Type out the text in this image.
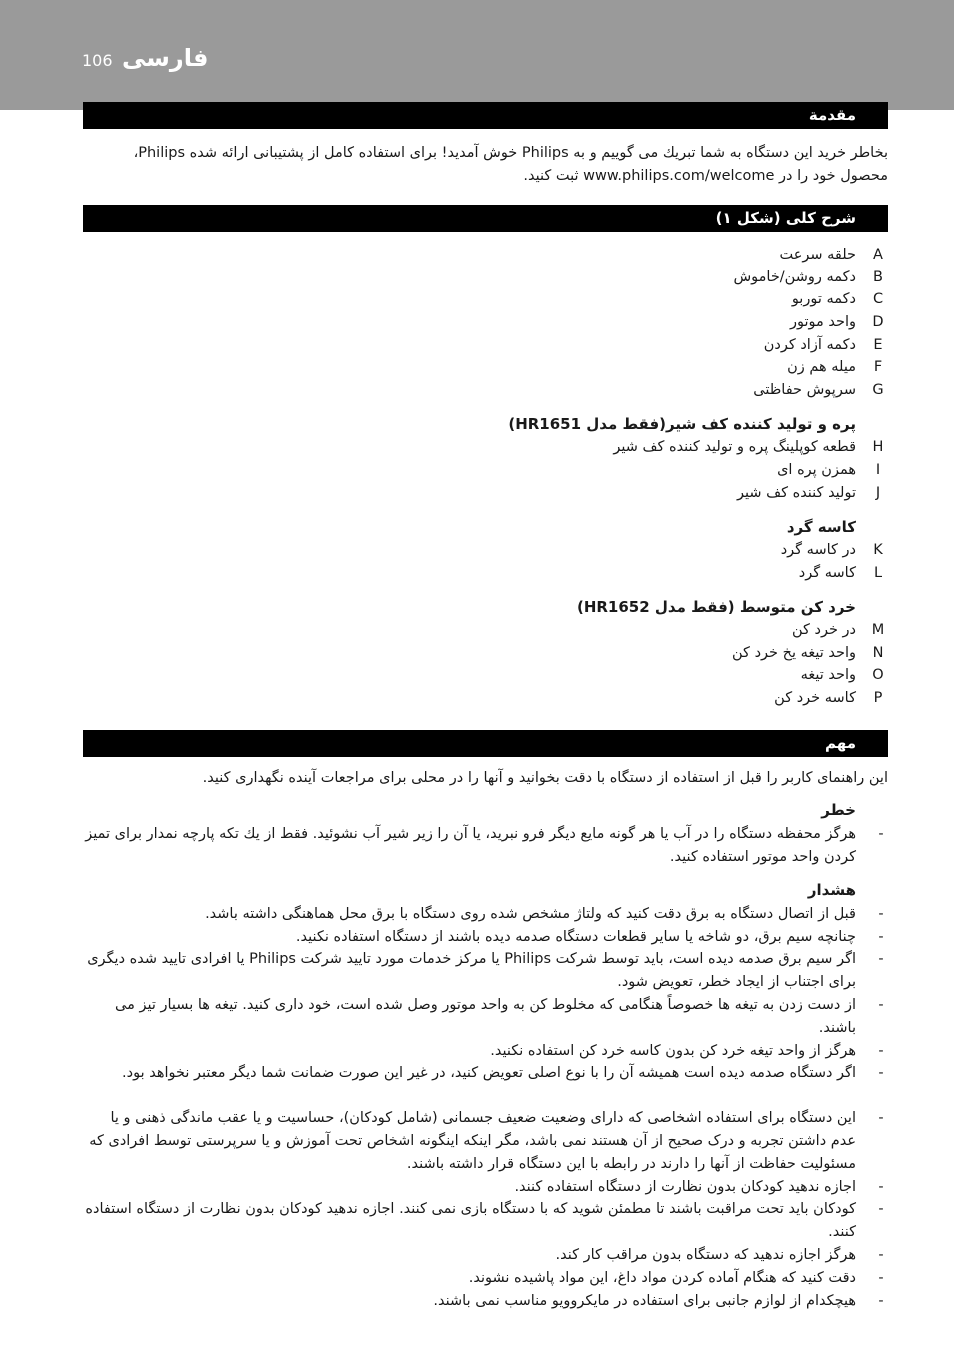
106 فارسی
مقدمة

بخاطر خرید این دستگاه به شما تبریك می گوییم و به Philips خوش آمدید! برای استفاده كامل از پشتیبانی ارائه شده Philips، محصول خود را در www.philips.com/welcome ثبت كنید.

شرح کلی (شکل ۱)
A
حلقه سرعت
B
دکمه روشن/خاموش
C
دکمه توربو
D
واحد موتور
E
دکمه آزاد کردن
F
میله هم زن
G
سرپوش حفاظتی
پره و تولید کننده کف شیر(فقط مدل HR1651)
H
قطعه کوپلینگ پره و تولید کننده کف شیر
I
همزن پره ای
J
تولید کننده کف شیر
کاسه گرد
K
در کاسه گرد
L
کاسه گرد
خرد کن متوسط (فقط مدل HR1652)
M
در خرد کن
N
واحد تیغه یخ خرد کن
O
واحد تیغه
P
کاسه خرد کن
مهم

این راهنمای کاربر را قبل از استفاده از دستگاه با دقت بخوانید و آنها را در محلی برای مراجعات آینده نگهداری کنید.

خطر
-
هرگز محفظه دستگاه را در آب یا هر گونه مایع دیگر فرو نبرید، یا آن را زیر شیر آب نشوئید. فقط از یك تكه پارچه نمدار برای تمیز کردن واحد موتور استفاده كنید.
هشدار
-
قبل از اتصال دستگاه به برق دقت كنید كه ولتاژ مشخص شده روی دستگاه با برق محل هماهنگی داشته باشد.
-
چنانچه سیم برق، دو شاخه یا سایر قطعات دستگاه صدمه دیده باشند از دستگاه استفاده نکنید.
-
اگر سیم برق صدمه دیده است، باید توسط شركت Philips یا مركز خدمات مورد تایید شرکت Philips یا افرادی تایید شده دیگری برای اجتناب از ایجاد خطر، تعویض شود.
-
از دست زدن به تیغه ها خصوصاً هنگامی که مخلوط کن به واحد موتور وصل شده است، خود داری کنید. تیغه ها بسیار تیز می باشند.
-
هرگز از واحد تیغه خرد کن بدون کاسه خرد کن استفاده نکنید.
-
اگر دستگاه صدمه دیده است همیشه آن را با نوع اصلی تعویض کنید، در غیر این صورت ضمانت شما دیگر معتبر نخواهد بود.
-
این دستگاه برای استفاده اشخاصی که دارای وضعیت ضعیف جسمانی (شامل کودکان)، حساسیت و یا عقب ماندگی ذهنی و یا عدم داشتن تجربه و درک صحیح از آن هستند نمی باشد، مگر اینکه اینگونه اشخاص تحت آموزش و یا سرپرستی توسط افرادی که مسئولیت حفاظت از آنها را دارند در رابطه با این دستگاه قرار داشته باشند.
-
اجازه ندهید کودکان بدون نظارت از دستگاه استفاده کنند.
-
کودکان باید تحت مراقبت باشند تا مطمئن شوید که با دستگاه بازی نمی کنند. اجازه ندهید کودکان بدون نظارت از دستگاه استفاده کنند.
-
هرگز اجازه ندهید که دستگاه بدون مراقب کار کند.
-
دقت کنید که هنگام آماده کردن مواد داغ، این مواد پاشیده نشوند.
-
هیچکدام از لوازم جانبی برای استفاده در مایکروویو مناسب نمی باشند.
